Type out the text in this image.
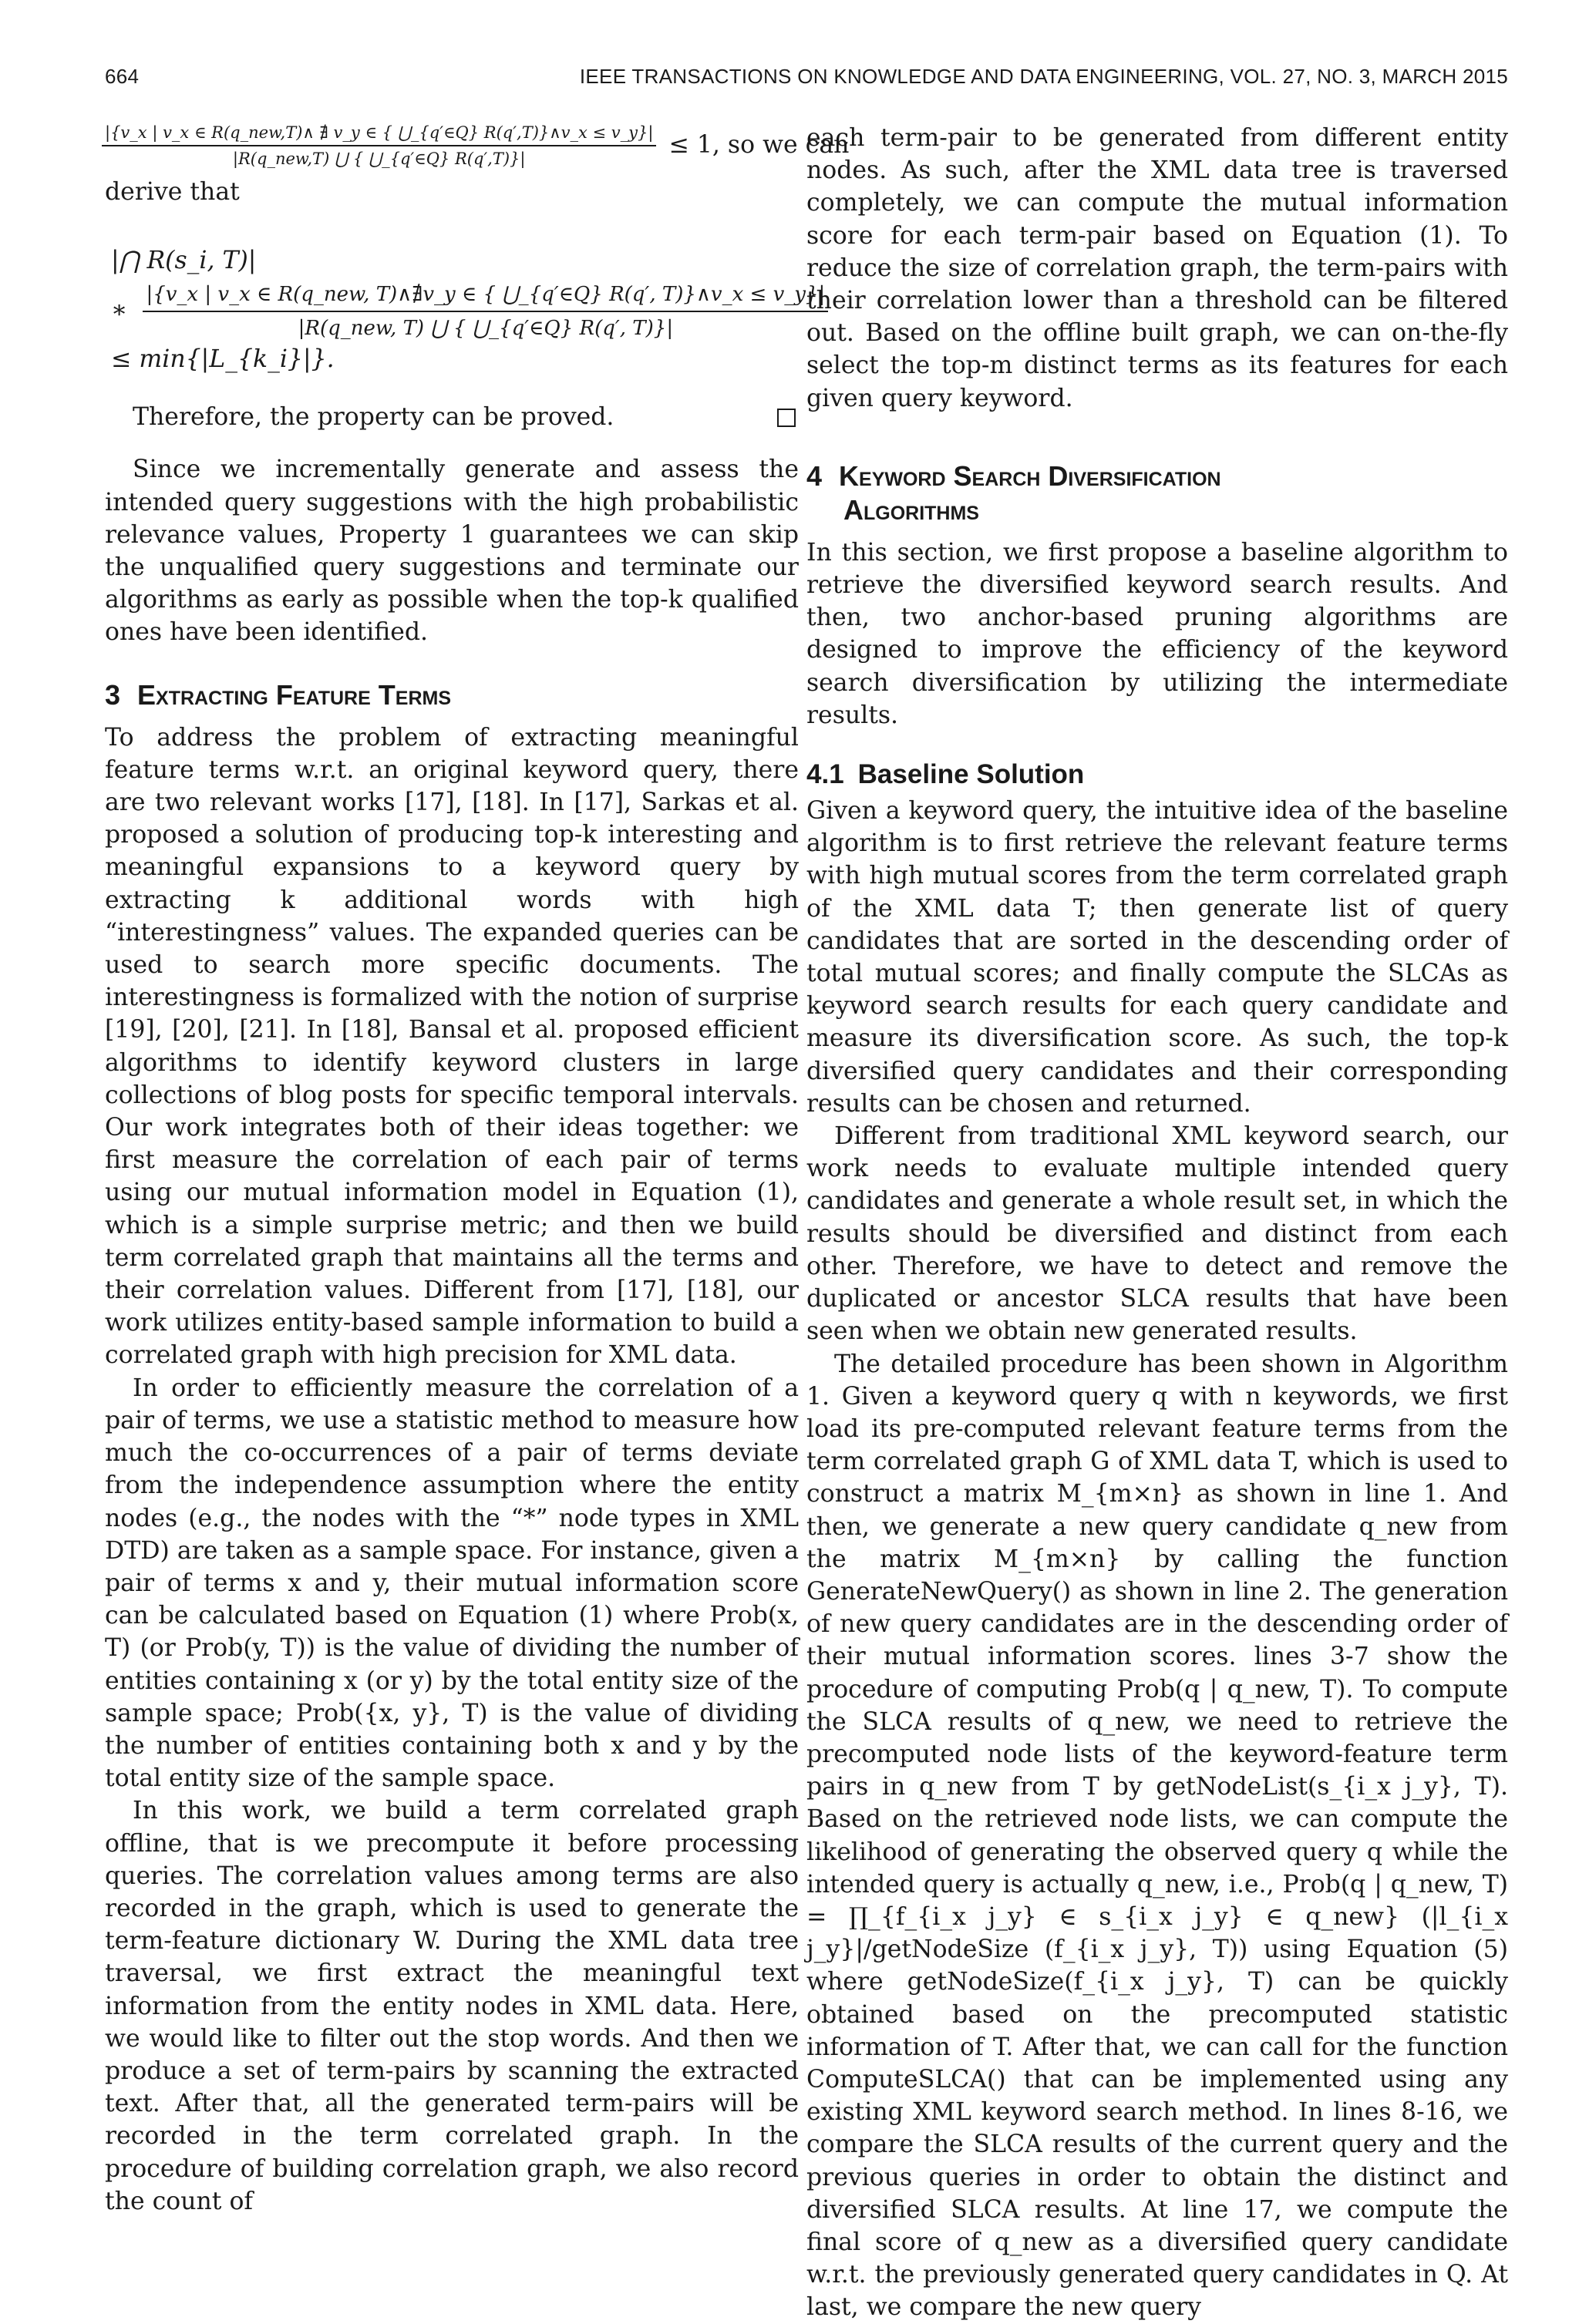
664	IEEE TRANSACTIONS ON KNOWLEDGE AND DATA ENGINEERING, VOL. 27, NO. 3, MARCH 2015
|{v_x | v_x ∈ R(q_new,T)∧ ∄ v_y ∈ { ⋃_{q′∈Q} R(q′,T)}∧v_x ≤ v_y}|
|R(q_new,T) ⋃ { ⋃_{q′∈Q} R(q′,T)}|
≤ 1, so we can

derive that

|⋂ R(s_i, T)|
∗
|{v_x | v_x ∈ R(q_new, T)∧∄v_y ∈ { ⋃_{q′∈Q} R(q′, T)}∧v_x ≤ v_y}|
|R(q_new, T) ⋃ { ⋃_{q′∈Q} R(q′, T)}|
≤ min{|L_{k_i}|}.

Therefore, the property can be proved.

Since we incrementally generate and assess the intended query suggestions with the high probabilistic relevance values, Property 1 guarantees we can skip the unqualified query suggestions and terminate our algorithms as early as possible when the top-k qualified ones have been identified.

3 Extracting Feature Terms

To address the problem of extracting meaningful feature terms w.r.t. an original keyword query, there are two relevant works [17], [18]. In [17], Sarkas et al. proposed a solution of producing top-k interesting and meaningful expansions to a keyword query by extracting k additional words with high “interestingness” values. The expanded queries can be used to search more specific documents. The interestingness is formalized with the notion of surprise [19], [20], [21]. In [18], Bansal et al. proposed efficient algorithms to identify keyword clusters in large collections of blog posts for specific temporal intervals. Our work integrates both of their ideas together: we first measure the correlation of each pair of terms using our mutual information model in Equation (1), which is a simple surprise metric; and then we build term correlated graph that maintains all the terms and their correlation values. Different from [17], [18], our work utilizes entity-based sample information to build a correlated graph with high precision for XML data.

In order to efficiently measure the correlation of a pair of terms, we use a statistic method to measure how much the co-occurrences of a pair of terms deviate from the independence assumption where the entity nodes (e.g., the nodes with the “*” node types in XML DTD) are taken as a sample space. For instance, given a pair of terms x and y, their mutual information score can be calculated based on Equation (1) where Prob(x, T) (or Prob(y, T)) is the value of dividing the number of entities containing x (or y) by the total entity size of the sample space; Prob({x, y}, T) is the value of dividing the number of entities containing both x and y by the total entity size of the sample space.

In this work, we build a term correlated graph offline, that is we precompute it before processing queries. The correlation values among terms are also recorded in the graph, which is used to generate the term-feature dictionary W. During the XML data tree traversal, we first extract the meaningful text information from the entity nodes in XML data. Here, we would like to filter out the stop words. And then we produce a set of term-pairs by scanning the extracted text. After that, all the generated term-pairs will be recorded in the term correlated graph. In the procedure of building correlation graph, we also record the count of

each term-pair to be generated from different entity nodes. As such, after the XML data tree is traversed completely, we can compute the mutual information score for each term-pair based on Equation (1). To reduce the size of correlation graph, the term-pairs with their correlation lower than a threshold can be filtered out. Based on the offline built graph, we can on-the-fly select the top-m distinct terms as its features for each given query keyword.

4 Keyword Search Diversification
Algorithms

In this section, we first propose a baseline algorithm to retrieve the diversified keyword search results. And then, two anchor-based pruning algorithms are designed to improve the efficiency of the keyword search diversification by utilizing the intermediate results.

4.1 Baseline Solution

Given a keyword query, the intuitive idea of the baseline algorithm is to first retrieve the relevant feature terms with high mutual scores from the term correlated graph of the XML data T; then generate list of query candidates that are sorted in the descending order of total mutual scores; and finally compute the SLCAs as keyword search results for each query candidate and measure its diversification score. As such, the top-k diversified query candidates and their corresponding results can be chosen and returned.

Different from traditional XML keyword search, our work needs to evaluate multiple intended query candidates and generate a whole result set, in which the results should be diversified and distinct from each other. Therefore, we have to detect and remove the duplicated or ancestor SLCA results that have been seen when we obtain new generated results.

The detailed procedure has been shown in Algorithm 1. Given a keyword query q with n keywords, we first load its pre-computed relevant feature terms from the term correlated graph G of XML data T, which is used to construct a matrix M_{m×n} as shown in line 1. And then, we generate a new query candidate q_new from the matrix M_{m×n} by calling the function GenerateNewQuery() as shown in line 2. The generation of new query candidates are in the descending order of their mutual information scores. lines 3-7 show the procedure of computing Prob(q | q_new, T). To compute the SLCA results of q_new, we need to retrieve the precomputed node lists of the keyword-feature term pairs in q_new from T by getNodeList(s_{i_x j_y}, T). Based on the retrieved node lists, we can compute the likelihood of generating the observed query q while the intended query is actually q_new, i.e., Prob(q | q_new, T) = ∏_{f_{i_x j_y} ∈ s_{i_x j_y} ∈ q_new} (|l_{i_x j_y}|/getNodeSize (f_{i_x j_y}, T)) using Equation (5) where getNodeSize(f_{i_x j_y}, T) can be quickly obtained based on the precomputed statistic information of T. After that, we can call for the function ComputeSLCA() that can be implemented using any existing XML keyword search method. In lines 8-16, we compare the SLCA results of the current query and the previous queries in order to obtain the distinct and diversified SLCA results. At line 17, we compute the final score of q_new as a diversified query candidate w.r.t. the previously generated query candidates in Q. At last, we compare the new query
